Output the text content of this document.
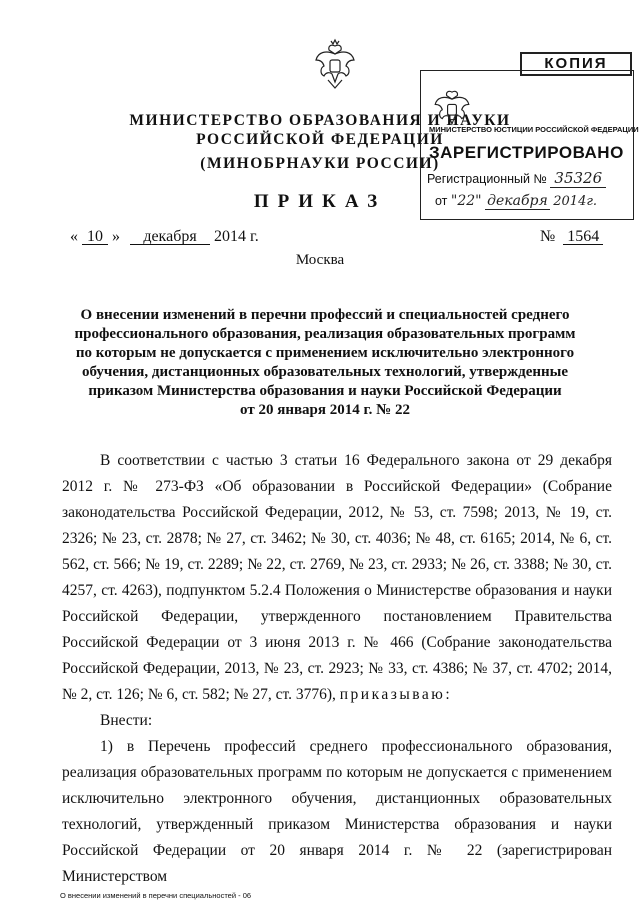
МИНИСТЕРСТВО ОБРАЗОВАНИЯ И НАУКИ
РОССИЙСКОЙ ФЕДЕРАЦИИ
(МИНОБРНАУКИ РОССИИ)
ПРИКАЗ
КОПИЯ
МИНИСТЕРСТВО ЮСТИЦИИ РОССИЙСКОЙ ФЕДЕРАЦИИ
ЗАРЕГИСТРИРОВАНО
Регистрационный № 35326
от "22" декабря 2014г.
« 10 » декабря 2014 г.	№ 1564
Москва
О внесении изменений в перечни профессий и специальностей среднего
профессионального образования, реализация образовательных программ
по которым не допускается с применением исключительно электронного
обучения, дистанционных образовательных технологий, утвержденные
приказом Министерства образования и науки Российской Федерации
от 20 января 2014 г. № 22

В соответствии с частью 3 статьи 16 Федерального закона от 29 декабря 2012 г. № 273-ФЗ «Об образовании в Российской Федерации» (Собрание законодательства Российской Федерации, 2012, № 53, ст. 7598; 2013, № 19, ст. 2326; № 23, ст. 2878; № 27, ст. 3462; № 30, ст. 4036; № 48, ст. 6165; 2014, № 6, ст. 562, ст. 566; № 19, ст. 2289; № 22, ст. 2769, № 23, ст. 2933; № 26, ст. 3388; № 30, ст. 4257, ст. 4263), подпунктом 5.2.4 Положения о Министерстве образования и науки Российской Федерации, утвержденного постановлением Правительства Российской Федерации от 3 июня 2013 г. № 466 (Собрание законодательства Российской Федерации, 2013, № 23, ст. 2923; № 33, ст. 4386; № 37, ст. 4702; 2014, № 2, ст. 126; № 6, ст. 582; № 27, ст. 3776), приказываю:

Внести:

1) в Перечень профессий среднего профессионального образования, реализация образовательных программ по которым не допускается с применением исключительно электронного обучения, дистанционных образовательных технологий, утвержденный приказом Министерства образования и науки Российской Федерации от 20 января 2014 г. № 22 (зарегистрирован Министерством

О внесении изменений в перечни специальностей - 06
